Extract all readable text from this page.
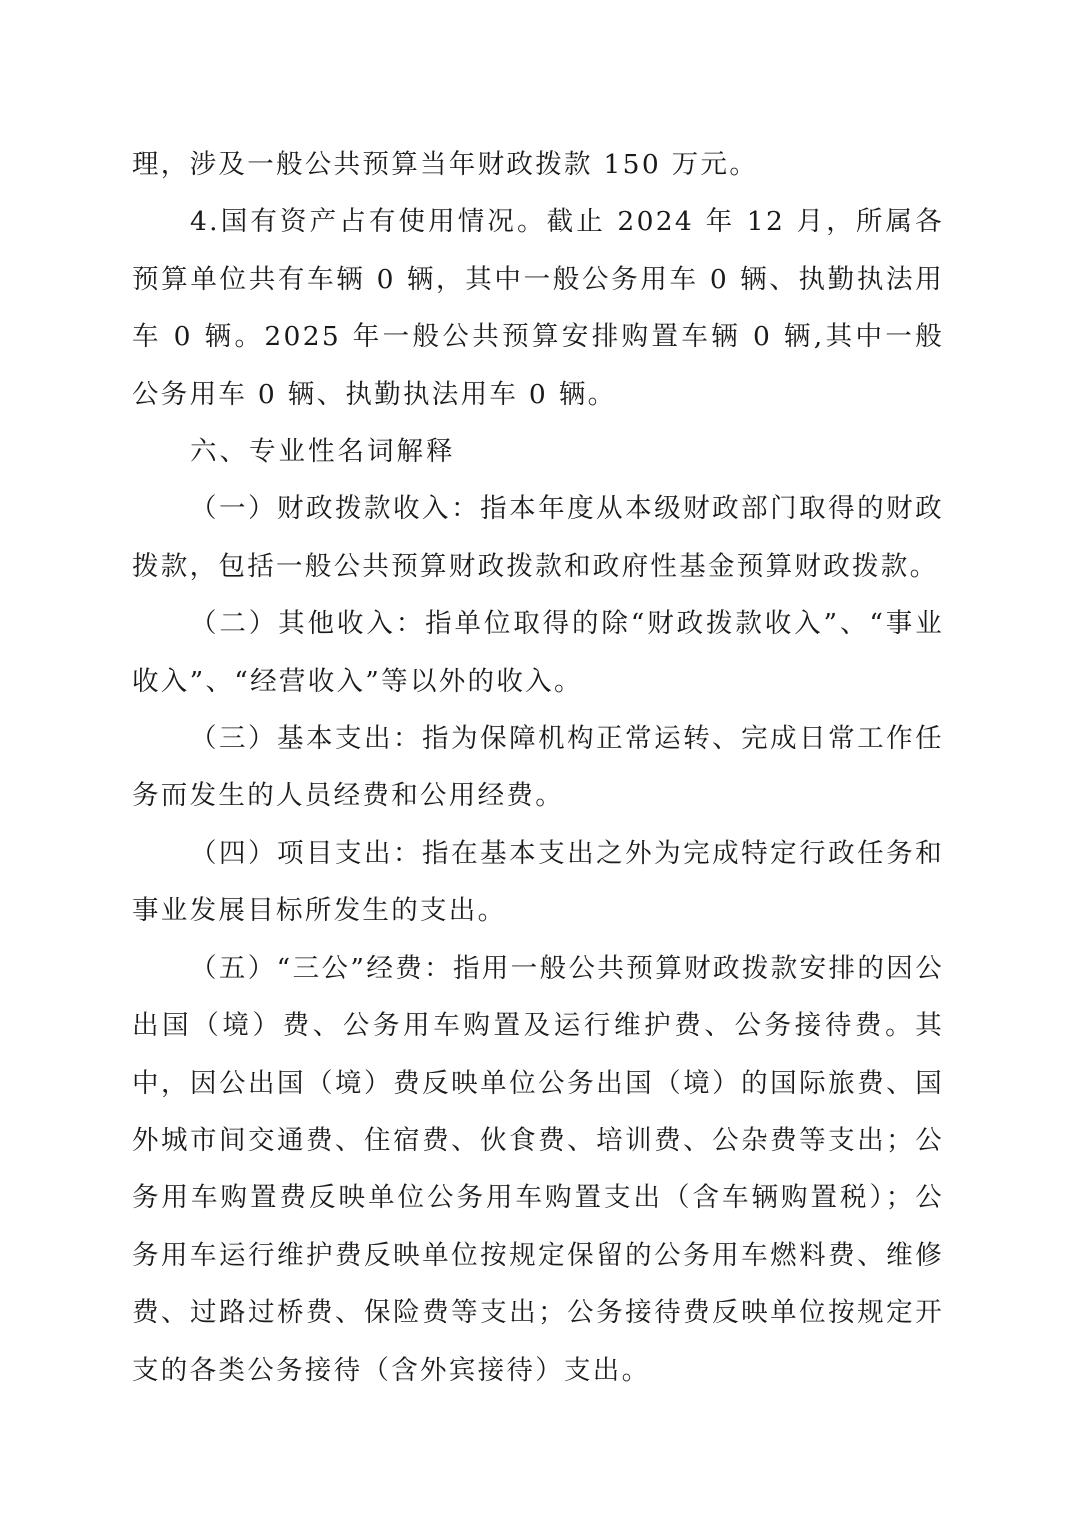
理，涉及一般公共预算当年财政拨款 150 万元。

4.国有资产占有使用情况。截止 2024 年 12 月，所属各预算单位共有车辆 0 辆，其中一般公务用车 0 辆、执勤执法用车 0 辆。2025 年一般公共预算安排购置车辆 0 辆,其中一般公务用车 0 辆、执勤执法用车 0 辆。

六、专业性名词解释

（一）财政拨款收入：指本年度从本级财政部门取得的财政拨款，包括一般公共预算财政拨款和政府性基金预算财政拨款。

（二）其他收入：指单位取得的除“财政拨款收入”、“事业收入”、“经营收入”等以外的收入。

（三）基本支出：指为保障机构正常运转、完成日常工作任务而发生的人员经费和公用经费。

（四）项目支出：指在基本支出之外为完成特定行政任务和事业发展目标所发生的支出。

（五）“三公”经费：指用一般公共预算财政拨款安排的因公出国（境）费、公务用车购置及运行维护费、公务接待费。其中，因公出国（境）费反映单位公务出国（境）的国际旅费、国外城市间交通费、住宿费、伙食费、培训费、公杂费等支出；公务用车购置费反映单位公务用车购置支出（含车辆购置税）；公务用车运行维护费反映单位按规定保留的公务用车燃料费、维修费、过路过桥费、保险费等支出；公务接待费反映单位按规定开支的各类公务接待（含外宾接待）支出。
